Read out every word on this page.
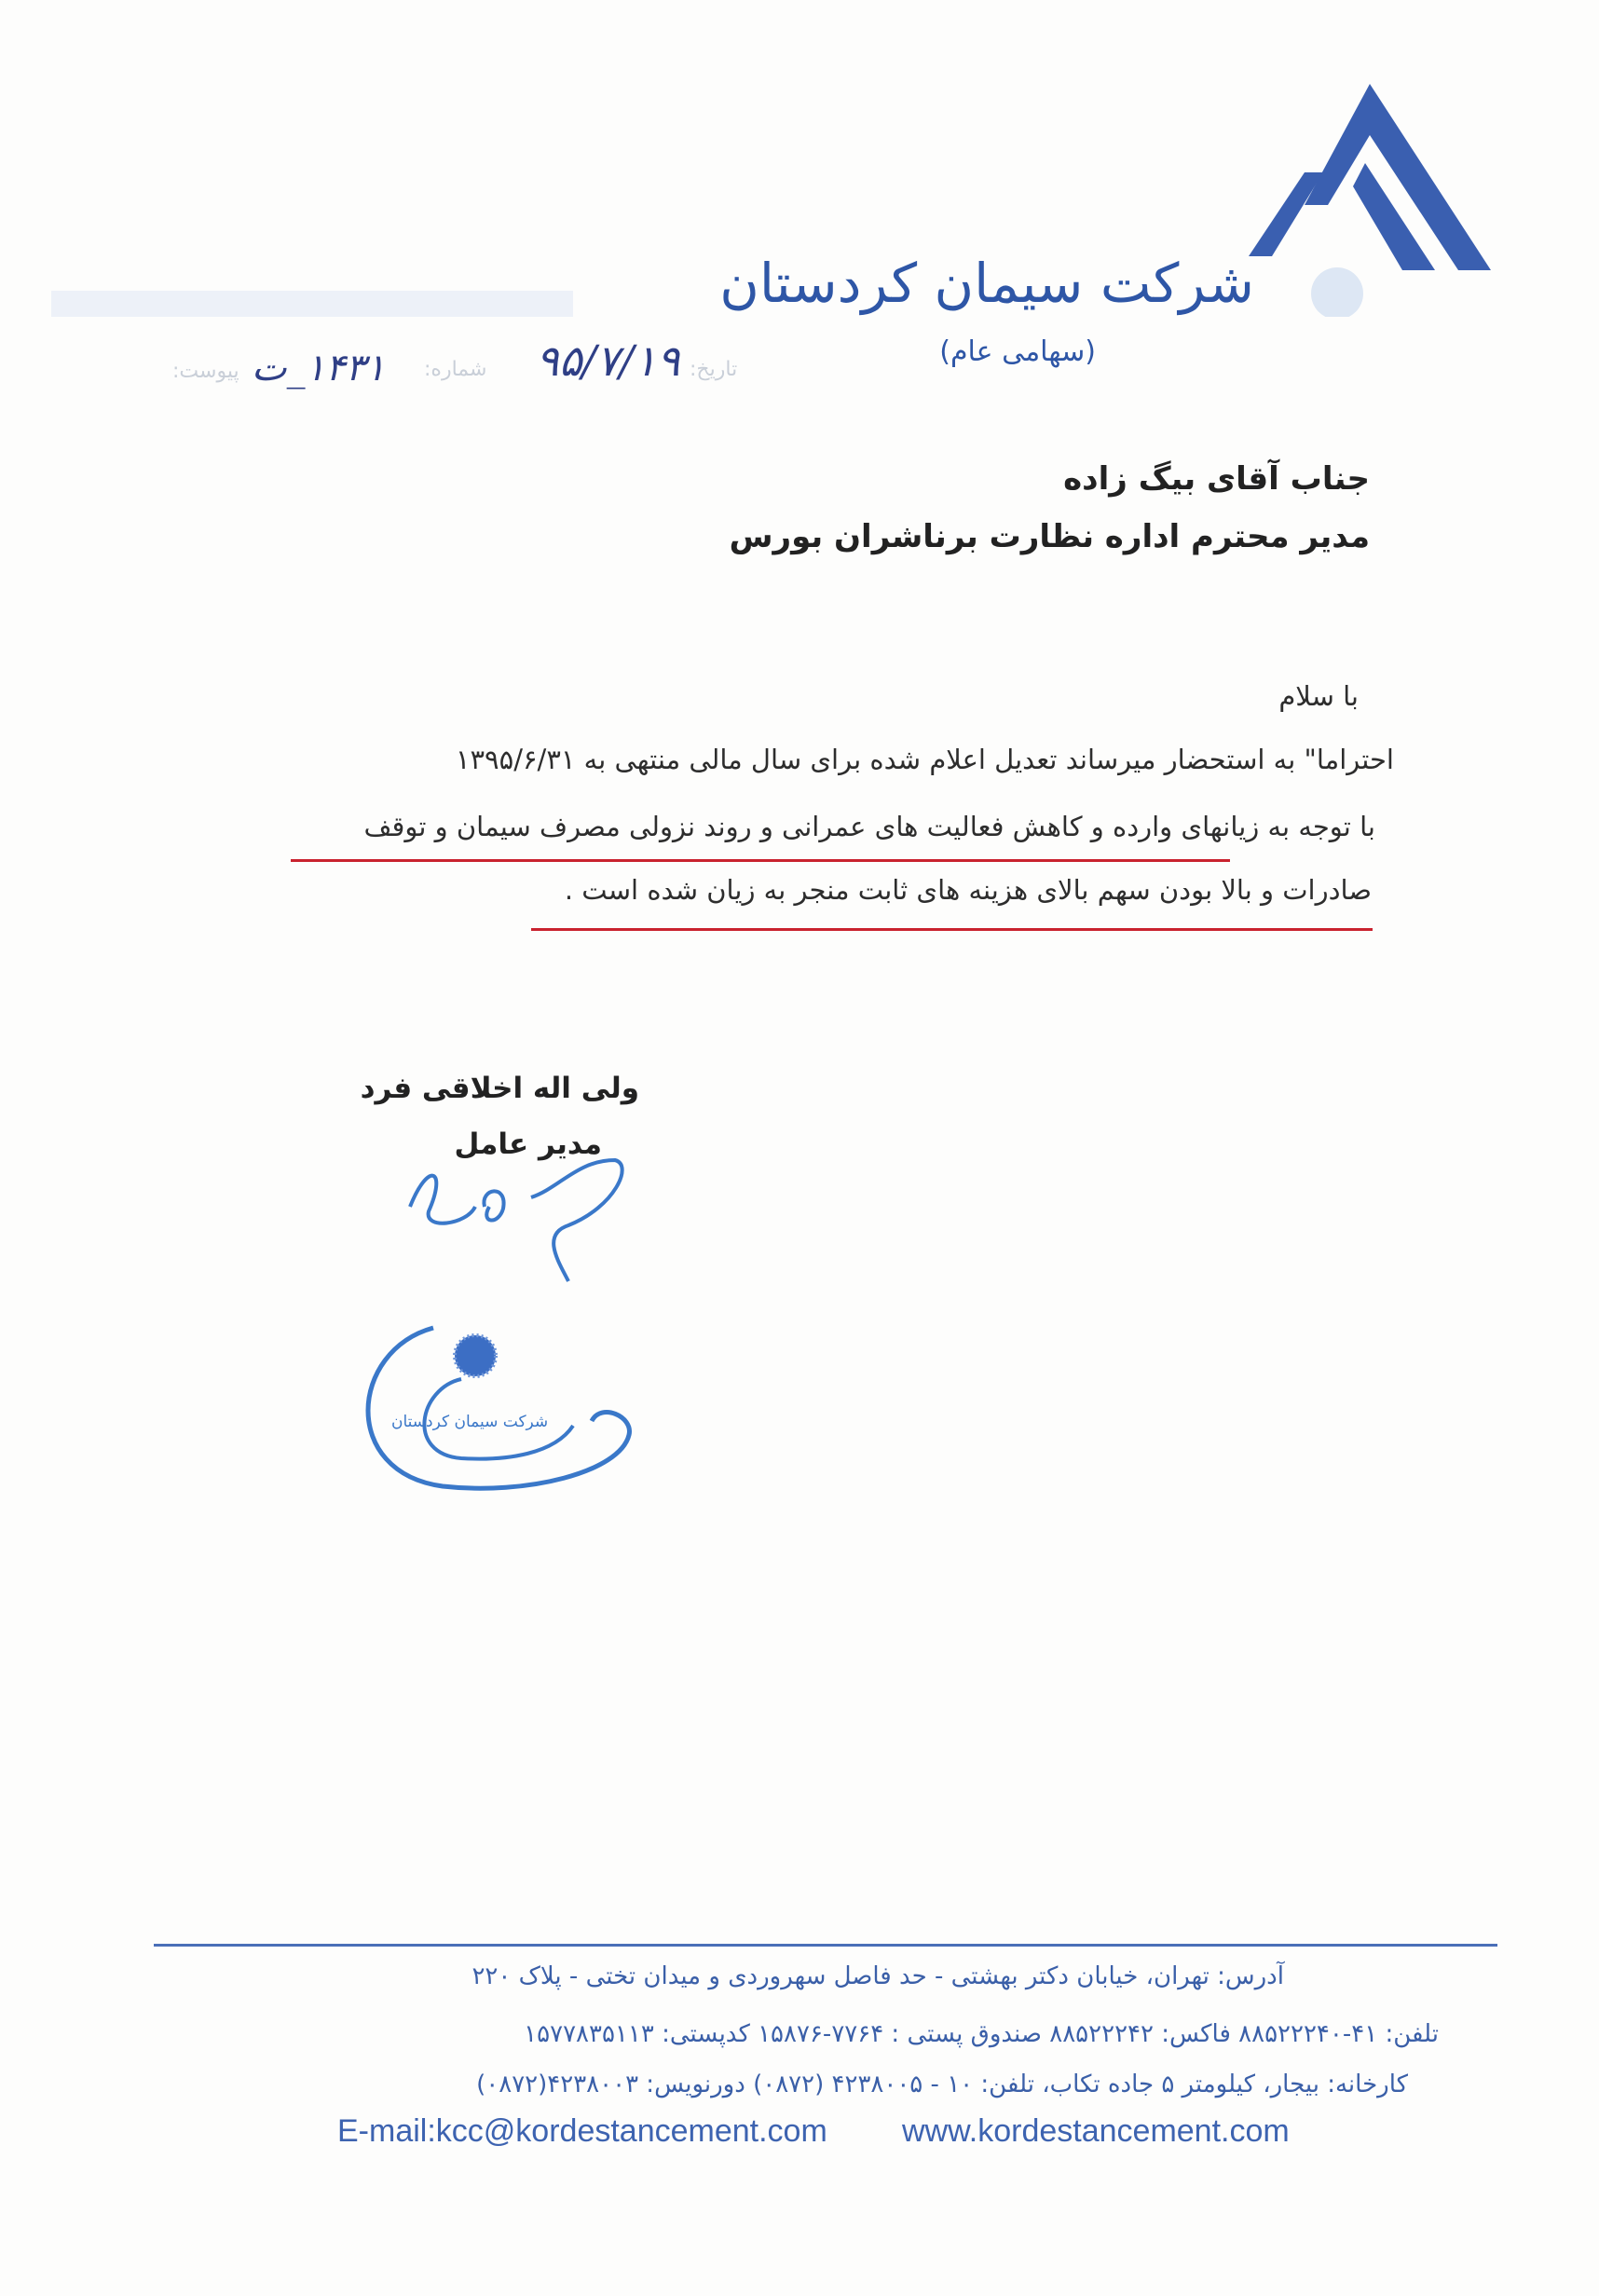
شرکت سیمان کردستان
(سهامی عام)
تاریخ:
۹۵/۷/۱۹
شماره:
۱۴۳۱_ت
پیوست:
جناب آقای بیگ زاده
مدیر محترم اداره نظارت برناشران بورس
با سلام
احتراما" به استحضار میرساند تعدیل اعلام شده برای سال مالی منتهی به ۱۳۹۵/۶/۳۱
با توجه به زیانهای وارده و کاهش فعالیت های عمرانی و روند نزولی مصرف سیمان و توقف
صادرات و بالا بودن سهم بالای هزینه های ثابت منجر به زیان شده است .
ولی اله اخلاقی فرد
مدیر عامل
شرکت سیمان کردستان
آدرس: تهران، خیابان دکتر بهشتی - حد فاصل سهروردی و میدان تختی - پلاک ۲۲۰
تلفن: ۴۱-۸۸۵۲۲۲۴۰ فاکس: ۸۸۵۲۲۲۴۲ صندوق پستی : ۷۷۶۴-۱۵۸۷۶ کدپستی: ۱۵۷۷۸۳۵۱۱۳
کارخانه: بیجار، کیلومتر ۵ جاده تکاب، تلفن: ۱۰ - ۴۲۳۸۰۰۵ (۰۸۷۲) دورنویس: ۴۲۳۸۰۰۳(۰۸۷۲)
E-mail:kcc@kordestancement.com www.kordestancement.com
